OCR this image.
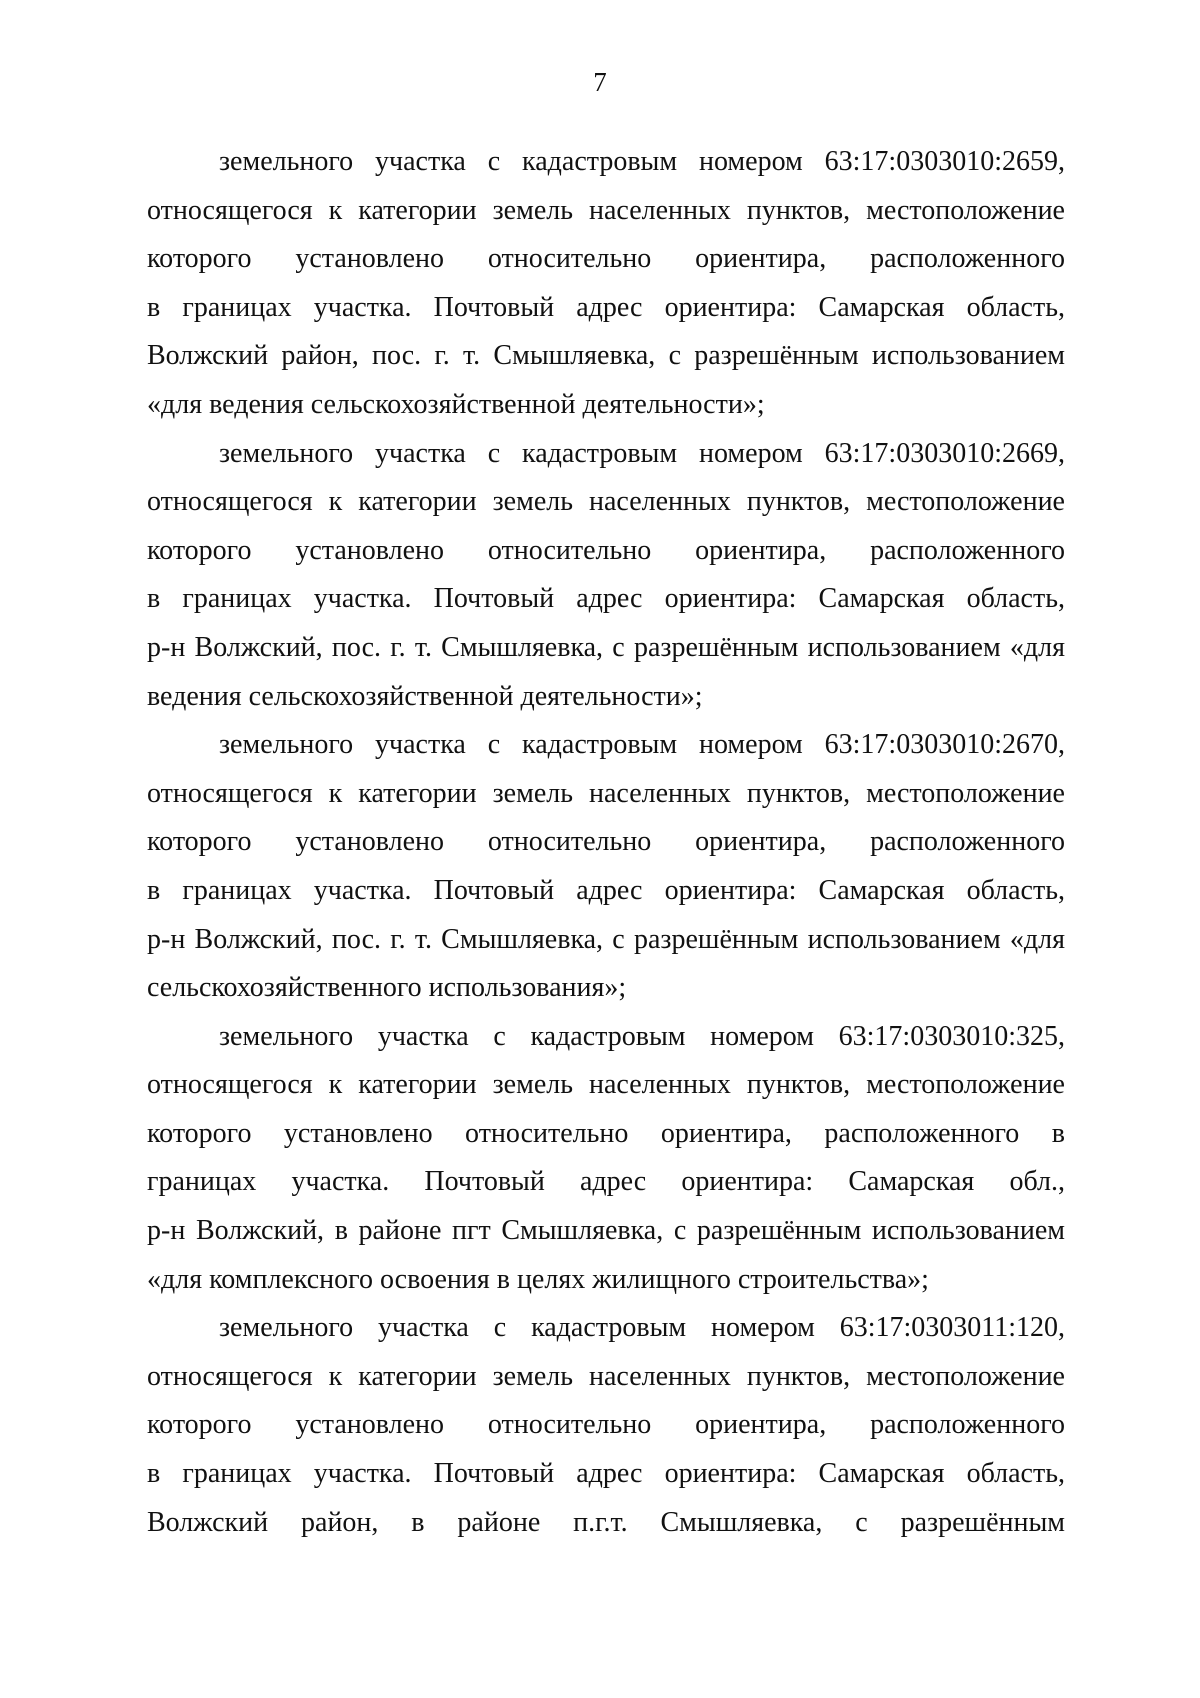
7

земельного участка с кадастровым номером 63:17:0303010:2659,
относящегося к категории земель населенных пунктов, местоположение
которого установлено относительно ориентира, расположенного
в границах участка. Почтовый адрес ориентира: Самарская область,
Волжский район, пос. г. т. Смышляевка, с разрешённым использованием
«для ведения сельскохозяйственной деятельности»;

земельного участка с кадастровым номером 63:17:0303010:2669,
относящегося к категории земель населенных пунктов, местоположение
которого установлено относительно ориентира, расположенного
в границах участка. Почтовый адрес ориентира: Самарская область,
р-н Волжский, пос. г. т. Смышляевка, с разрешённым использованием «для
ведения сельскохозяйственной деятельности»;

земельного участка с кадастровым номером 63:17:0303010:2670,
относящегося к категории земель населенных пунктов, местоположение
которого установлено относительно ориентира, расположенного
в границах участка. Почтовый адрес ориентира: Самарская область,
р-н Волжский, пос. г. т. Смышляевка, с разрешённым использованием «для
сельскохозяйственного использования»;

земельного участка с кадастровым номером 63:17:0303010:325,
относящегося к категории земель населенных пунктов, местоположение
которого установлено относительно ориентира, расположенного в
границах участка. Почтовый адрес ориентира: Самарская обл.,
р-н Волжский, в районе пгт Смышляевка, с разрешённым использованием
«для комплексного освоения в целях жилищного строительства»;

земельного участка с кадастровым номером 63:17:0303011:120,
относящегося к категории земель населенных пунктов, местоположение
которого установлено относительно ориентира, расположенного
в границах участка. Почтовый адрес ориентира: Самарская область,
Волжский район, в районе п.г.т. Смышляевка, с разрешённым
